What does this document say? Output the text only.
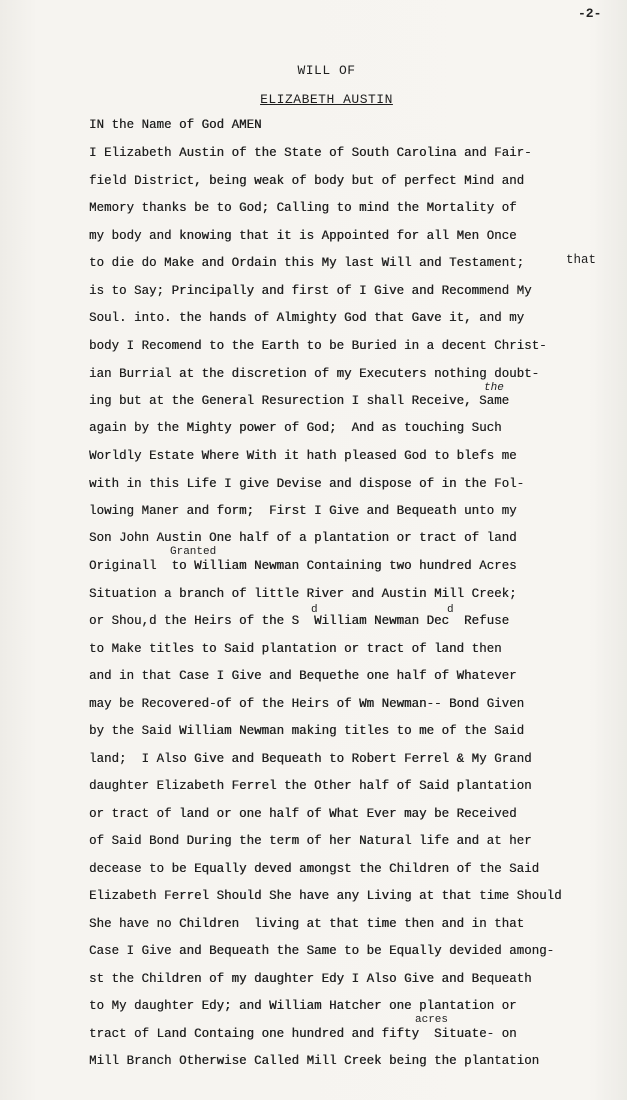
-2-
WILL OF
ELIZABETH AUSTIN
IN the Name of God AMEN
I Elizabeth Austin of the State of South Carolina and Fair-
field District, being weak of body but of perfect Mind and
Memory thanks be to God; Calling to mind the Mortality of
my body and knowing that it is Appointed for all Men Once
to die do Make and Ordain this My last Will and Testament;
is to Say; Principally and first of I Give and Recommend My
Soul. into. the hands of Almighty God that Gave it, and my
body I Recomend to the Earth to be Buried in a decent Christ-
ian Burrial at the discretion of my Executers nothing doubt-
ing but at the General Resurection I shall Receive, Same
again by the Mighty power of God;  And as touching Such
Worldly Estate Where With it hath pleased God to blefs me
with in this Life I give Devise and dispose of in the Fol-
lowing Maner and form;  First I Give and Bequeath unto my
Son John Austin One half of a plantation or tract of land
Originall  to William Newman Containing two hundred Acres
Situation a branch of little River and Austin Mill Creek;
or Shou,d the Heirs of the S  William Newman Dec  Refuse
to Make titles to Said plantation or tract of land then
and in that Case I Give and Bequethe one half of Whatever
may be Recovered-of of the Heirs of Wm Newman-- Bond Given
by the Said William Newman making titles to me of the Said
land;  I Also Give and Bequeath to Robert Ferrel & My Grand
daughter Elizabeth Ferrel the Other half of Said plantation
or tract of land or one half of What Ever may be Received
of Said Bond During the term of her Natural life and at her
decease to be Equally deved amongst the Children of the Said
Elizabeth Ferrel Should She have any Living at that time Should
She have no Children  living at that time then and in that
Case I Give and Bequeath the Same to be Equally devided among-
st the Children of my daughter Edy I Also Give and Bequeath
to My daughter Edy; and William Hatcher one plantation or
tract of Land Containg one hundred and fifty  Situate- on
Mill Branch Otherwise Called Mill Creek being the plantation
that
the
Granted
d	d
acres
